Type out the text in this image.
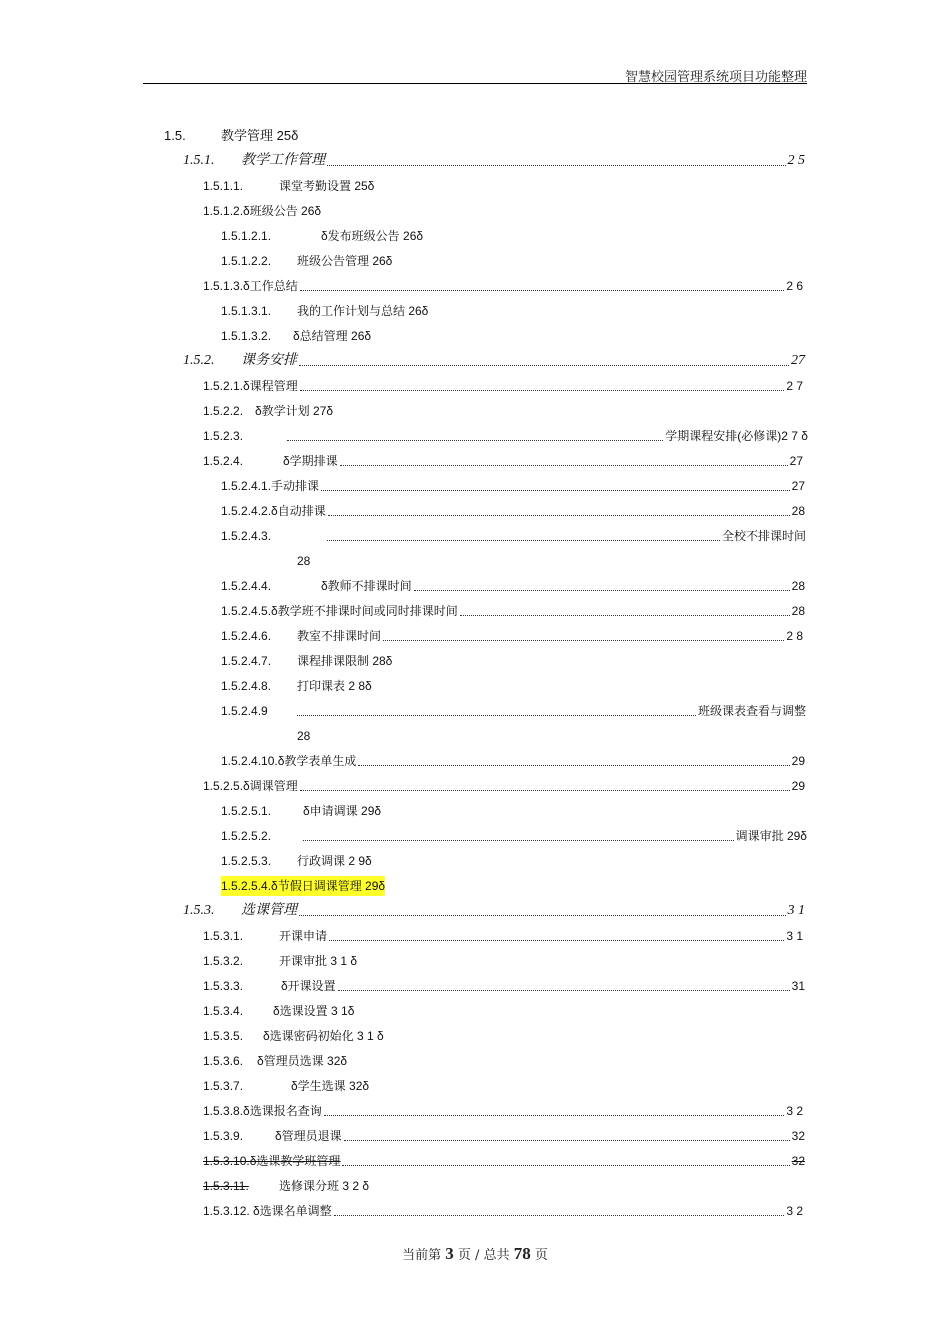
智慧校园管理系统项目功能整理
1.5.	教学管理 25δ
1.5.1.	教学工作管理	2 5
1.5.1.1.	课堂考勤设置 25δ
1.5.1.2.δ班级公告 26δ
1.5.1.2.1.	δ发布班级公告 26δ
1.5.1.2.2. 班级公告管理 26δ
1.5.1.3. δ工作总结	2 6
1.5.1.3.1. 我的工作计划与总结 26δ
1.5.1.3.2. δ总结管理 26δ
1.5.2.	课务安排	27
1.5.2.1. δ课程管理	2 7
1.5.2.2. δ教学计划 27δ
1.5.2.3.	学期课程安排(必修课)2 7 δ
1.5.2.4.	δ学期排课	27
1.5.2.4.1. 手动排课	27
1.5.2.4.2. δ自动排课	28
1.5.2.4.3.	全校不排课时间
28
1.5.2.4.4.	δ教师不排课时间	28
1.5.2.4.5. δ教学班不排课时间或同时排课时间	28
1.5.2.4.6.	教室不排课时间	2 8
1.5.2.4.7. 课程排课限制 28δ
1.5.2.4.8. 打印课表 2 8δ
1.5.2.4.9	班级课表查看与调整
28
1.5.2.4.10. δ教学表单生成	29
1.5.2.5. δ调课管理	29
1.5.2.5.1.	δ申请调课 29δ
1.5.2.5.2.	调课审批 29δ
1.5.2.5.3. 行政调课 2 9δ
1.5.2.5.4.δ节假日调课管理 29δ
1.5.3.	选课管理	3 1
1.5.3.1.	开课申请	3 1
1.5.3.2.	开课审批 3 1 δ
1.5.3.3.	δ开课设置	31
1.5.3.4. δ选课设置 3 1δ
1.5.3.5. δ选课密码初始化 3 1 δ
1.5.3.6. δ管理员选课 32δ
1.5.3.7.	δ学生选课 32δ
1.5.3.8. δ选课报名查询	3 2
1.5.3.9.	δ管理员退课	32
1.5.3.10. δ选课教学班管理	32
1.5.3.11.	选修课分班 3 2 δ
1.5.3.12. δ选课名单调整	3 2
当前第 3 页 / 总共 78 页
